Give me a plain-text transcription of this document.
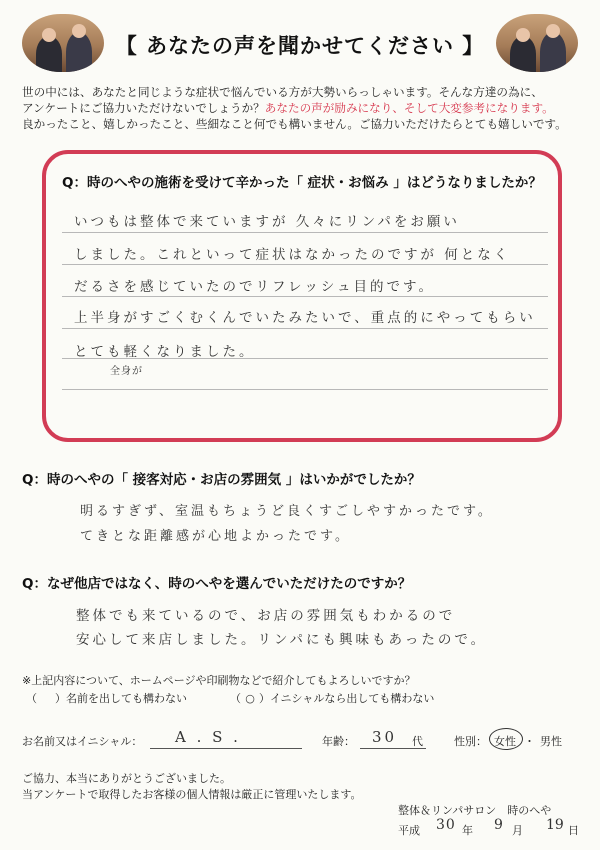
【 あなたの声を聞かせてください 】
世の中には、あなたと同じような症状で悩んでいる方が大勢いらっしゃいます。そんな方達の為に、
アンケートにご協力いただけないでしょうか？あなたの声が励みになり、そして大変参考になります。
良かったこと、嬉しかったこと、些細なこと何でも構いません。ご協力いただけたらとても嬉しいです。
Q：時のへやの施術を受けて辛かった「 症状・お悩み 」はどうなりましたか？
いつもは整体で来ていますが 久々にリンパをお願い
しました。これといって症状はなかったのですが 何となく
だるさを感じていたのでリフレッシュ目的です。
上半身がすごくむくんでいたみたいで、重点的にやってもらい
とても軽くなりました。
全身が
Q：時のへやの「 接客対応・お店の雰囲気 」はいかがでしたか？
明るすぎず、室温もちょうど良くすごしやすかったです。
てきとな距離感が心地よかったです。
Q：なぜ他店ではなく、時のへやを選んでいただけたのですか？
整体でも来ているので、お店の雰囲気もわかるので
安心して来店しました。リンパにも興味もあったので。
※上記内容について、ホームページや印刷物などで紹介してもよろしいですか？
（ ）名前を出しても構わない	（ ○ ）イニシャルなら出しても構わない
お名前又はイニシャル： A . S .	年齢： 30 代	性別： 女性 ・ 男性
ご協力、本当にありがとうございました。
当アンケートで取得したお客様の個人情報は厳正に管理いたします。
整体＆リンパサロン　時のへや
平成 30 年 9 月 19 日
